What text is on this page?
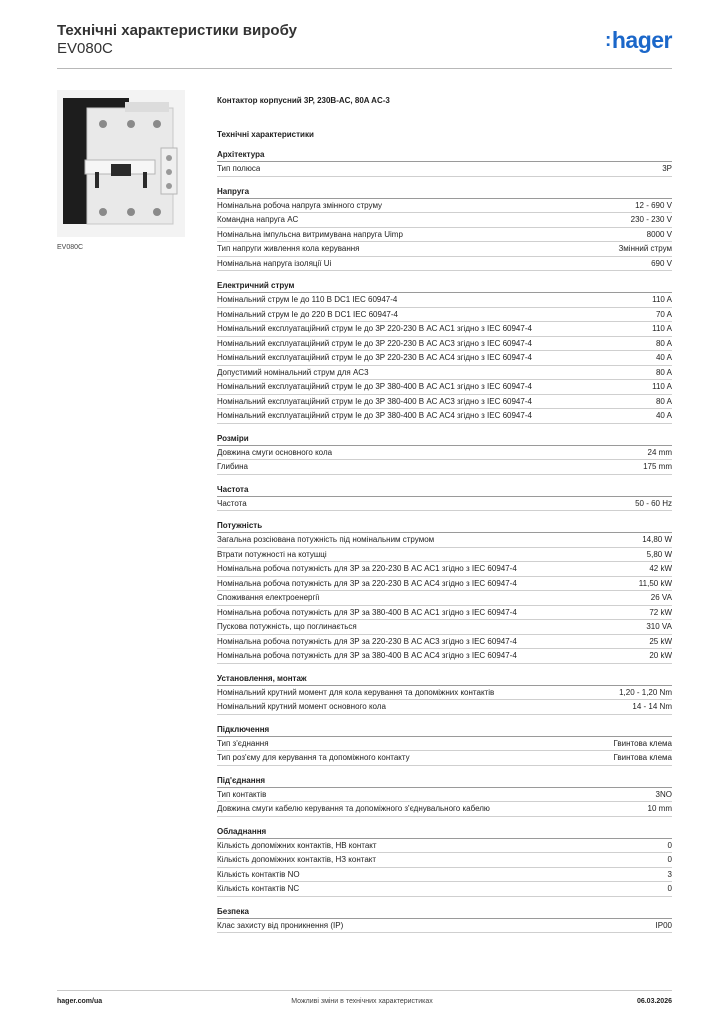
Технічні характеристики виробу
EV080C	:hager
EV080C
Контактор корпусний 3P, 230В-AC, 80A AC-3
Технічні характеристики
Архітектура
Тип полюса	3P
Напруга
Номінальна робоча напруга змінного струму	12 - 690 V
Командна напруга AC	230 - 230 V
Номінальна імпульсна витримувана напруга Uimp	8000 V
Тип напруги живлення кола керування	Змінний струм
Номінальна напруга ізоляції Ui	690 V
Електричний струм
Номінальний струм Ie до 110 В DC1 IEC 60947-4	110 A
Номінальний струм Ie до 220 В DC1 IEC 60947-4	70 A
Номінальний експлуатаційний струм Ie до 3P 220-230 В AC AC1 згідно з IEC 60947-4	110 A
Номінальний експлуатаційний струм Ie до 3P 220-230 В AC AC3 згідно з IEC 60947-4	80 A
Номінальний експлуатаційний струм Ie до 3P 220-230 В AC AC4 згідно з IEC 60947-4	40 A
Допустимий номінальний струм для AC3	80 A
Номінальний експлуатаційний струм Ie до 3P 380-400 В AC AC1 згідно з IEC 60947-4	110 A
Номінальний експлуатаційний струм Ie до 3P 380-400 В AC AC3 згідно з IEC 60947-4	80 A
Номінальний експлуатаційний струм Ie до 3P 380-400 В AC AC4 згідно з IEC 60947-4	40 A
Розміри
Довжина смуги основного кола	24 mm
Глибина	175 mm
Частота
Частота	50 - 60 Hz
Потужність
Загальна розсіювана потужність під номінальним струмом	14,80 W
Втрати потужності на котушці	5,80 W
Номінальна робоча потужність для 3P за 220-230 В AC AC1 згідно з IEC 60947-4	42 kW
Номінальна робоча потужність для 3P за 220-230 В AC AC4 згідно з IEC 60947-4	11,50 kW
Споживання електроенергії	26 VA
Номінальна робоча потужність для 3P за 380-400 В AC AC1 згідно з IEC 60947-4	72 kW
Пускова потужність, що поглинається	310 VA
Номінальна робоча потужність для 3P за 220-230 В AC AC3 згідно з IEC 60947-4	25 kW
Номінальна робоча потужність для 3P за 380-400 В AC AC4 згідно з IEC 60947-4	20 kW
Установлення, монтаж
Номінальний крутний момент для кола керування та допоміжних контактів	1,20 - 1,20 Nm
Номінальний крутний момент основного кола	14 - 14 Nm
Підключення
Тип з'єднання	Гвинтова клема
Тип роз'єму для керування та допоміжного контакту	Гвинтова клема
Під'єднання
Тип контактів	3NO
Довжина смуги кабелю керування та допоміжного з'єднувального кабелю	10 mm
Обладнання
Кількість допоміжних контактів, НВ контакт	0
Кількість допоміжних контактів, НЗ контакт	0
Кількість контактів NO	3
Кількість контактів NC	0
Безпека
Клас захисту від проникнення (IP)	IP00
hager.com/ua	Можливі зміни в технічних характеристиках	06.03.2026
